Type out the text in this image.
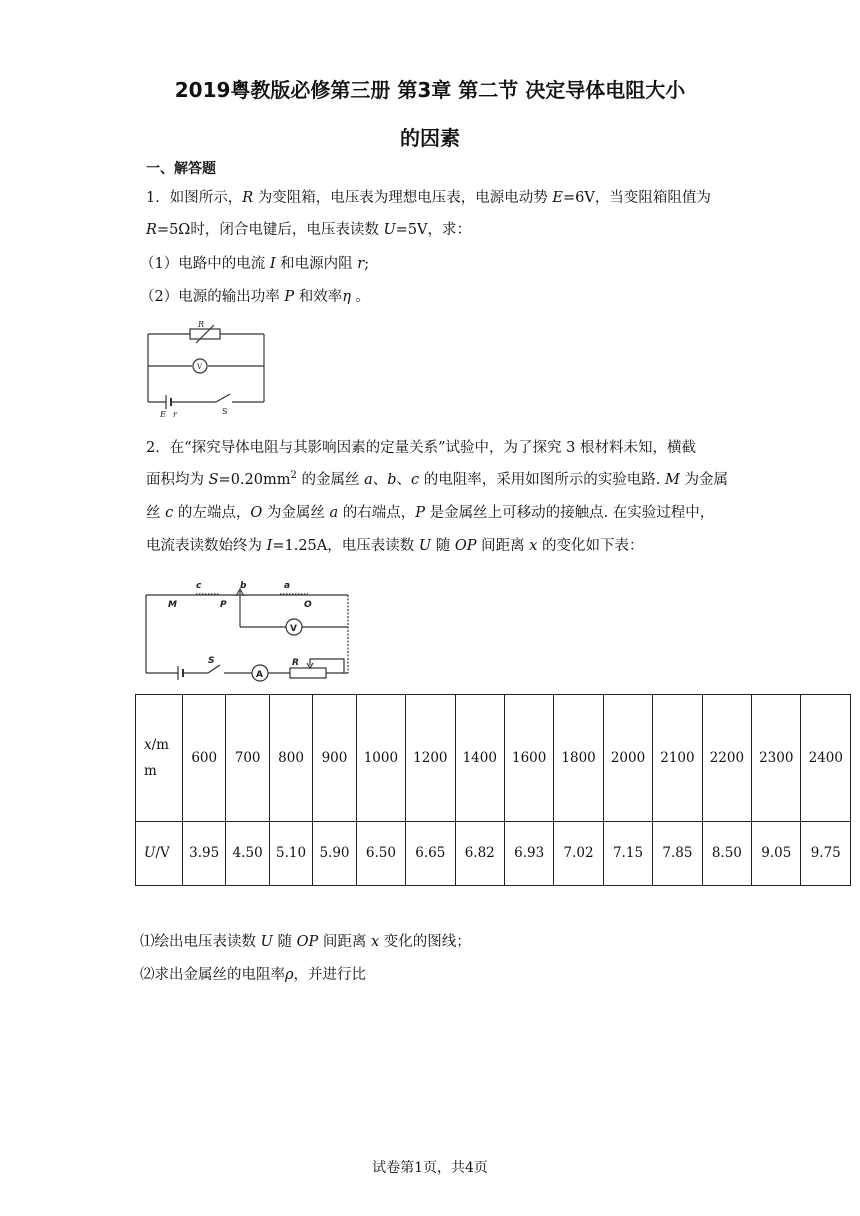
2019粤教版必修第三册 第3章 第二节 决定导体电阻大小
的因素
一、解答题
1．如图所示，R 为变阻箱，电压表为理想电压表，电源电动势 E=6V，当变阻箱阻值为
R=5Ω时，闭合电键后，电压表读数 U=5V，求：
（1）电路中的电流 I 和电源内阻 r;
（2）电源的输出功率 P 和效率η 。
R
V
E r	S
2．在“探究导体电阻与其影响因素的定量关系”试验中，为了探究 3 根材料未知，横截
面积均为 $S=0.20mm^2$ 的金属丝 a、b、c 的电阻率，采用如图所示的实验电路. M 为金属
丝 c 的左端点，O 为金属丝 a 的右端点，P 是金属丝上可移动的接触点. 在实验过程中，
电流表读数始终为 I=1.25A，电压表读数 U 随 OP 间距离 x 的变化如下表：
c	b	a
M	P	O
V
S
A
R
x/m
m	600	700	800	900	1000	1200	1400	1600	1800	2000	2100	2200	2300	2400
U/V	3.95	4.50	5.10	5.90	6.50	6.65	6.82	6.93	7.02	7.15	7.85	8.50	9.05	9.75
⑴绘出电压表读数 U 随 OP 间距离 x 变化的图线；
⑵求出金属丝的电阻率ρ，并进行比
试卷第1页，共4页
